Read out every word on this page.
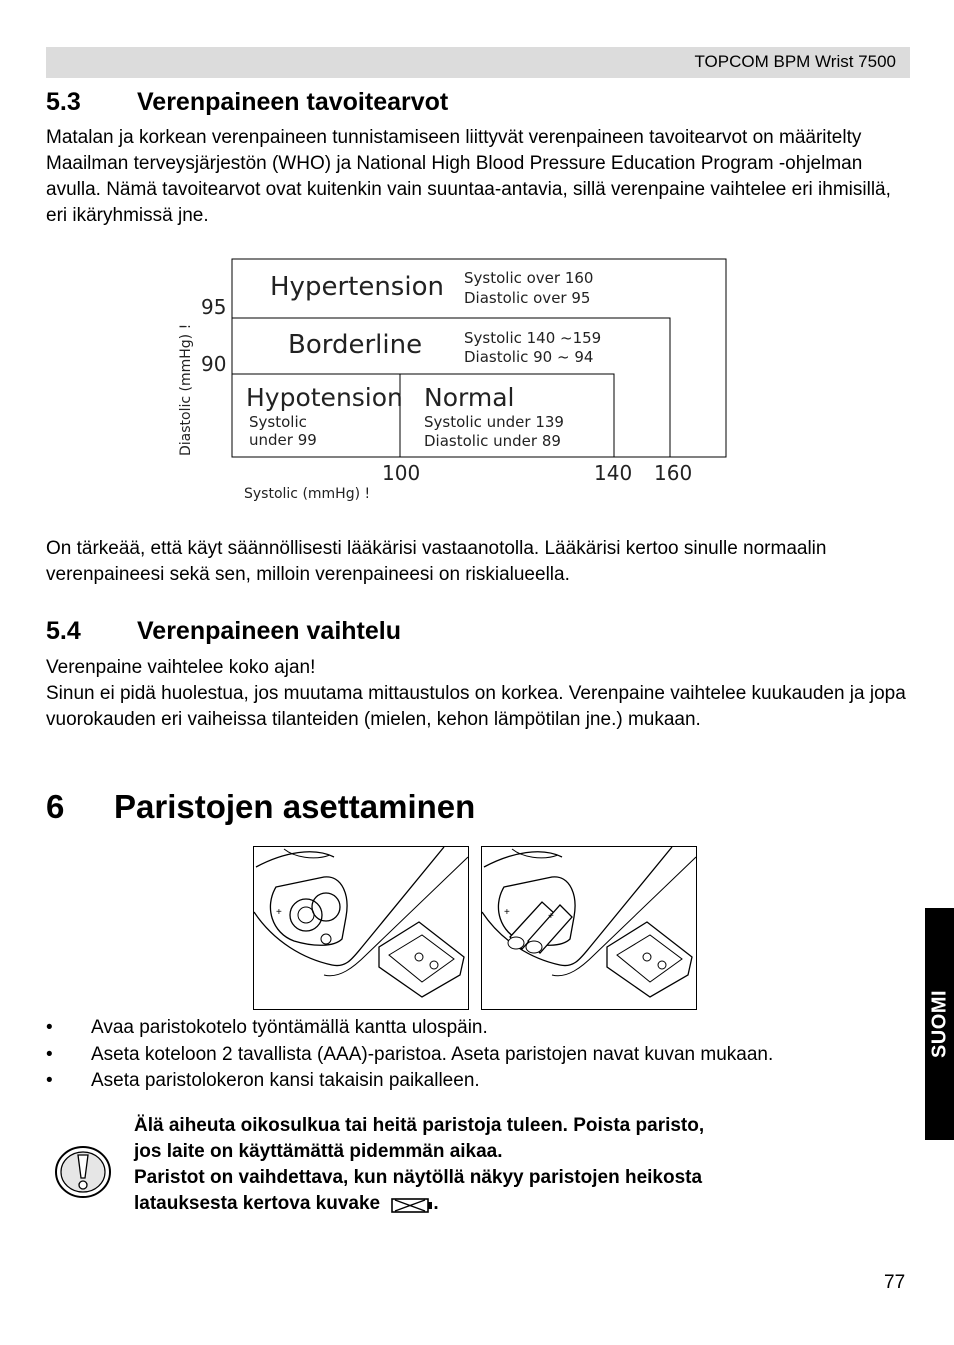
TOPCOM BPM Wrist 7500
5.3 Verenpaineen tavoitearvot

Matalan ja korkean verenpaineen tunnistamiseen liittyvät verenpaineen tavoitearvot on määritelty Maailman terveysjärjestön (WHO) ja National High Blood Pressure Education Program -ohjelman avulla. Nämä tavoitearvot ovat kuitenkin vain suuntaa-antavia, sillä verenpaine vaihtelee eri ihmisillä, eri ikäryhmissä jne.

Hypertension Systolic over 160
Diastolic over 95
Borderline	Systolic 140 ~159
Diastolic 90 ~ 94
Hypotension
Systolic
under 99
Normal
Systolic under 139
Diastolic under 89
95
90
100	140 160
Diastolic (mmHg) !
Systolic (mmHg) !

On tärkeää, että käyt säännöllisesti lääkärisi vastaanotolla. Lääkärisi kertoo sinulle normaalin verenpaineesi sekä sen, milloin verenpaineesi on riskialueella.

5.4 Verenpaineen vaihtelu

Verenpaine vaihtelee koko ajan!

Sinun ei pidä huolestua, jos muutama mittaustulos on korkea. Verenpaine vaihtelee kuukauden ja jopa vuorokauden eri vaiheissa tilanteiden (mielen, kehon lämpötilan jne.) mukaan.

6 Paristojen asettaminen
+	+	+
• Avaa paristokotelo työntämällä kantta ulospäin.
• Aseta koteloon 2 tavallista (AAA)-paristoa. Aseta paristojen navat kuvan mukaan.
• Aseta paristolokeron kansi takaisin paikalleen.
SUOMI
Älä aiheuta oikosulkua tai heitä paristoja tuleen. Poista paristo,
jos laite on käyttämättä pidemmän aikaa.
Paristot on vaihdettava, kun näytöllä näkyy paristojen heikosta
latauksesta kertova kuvake	.
77
